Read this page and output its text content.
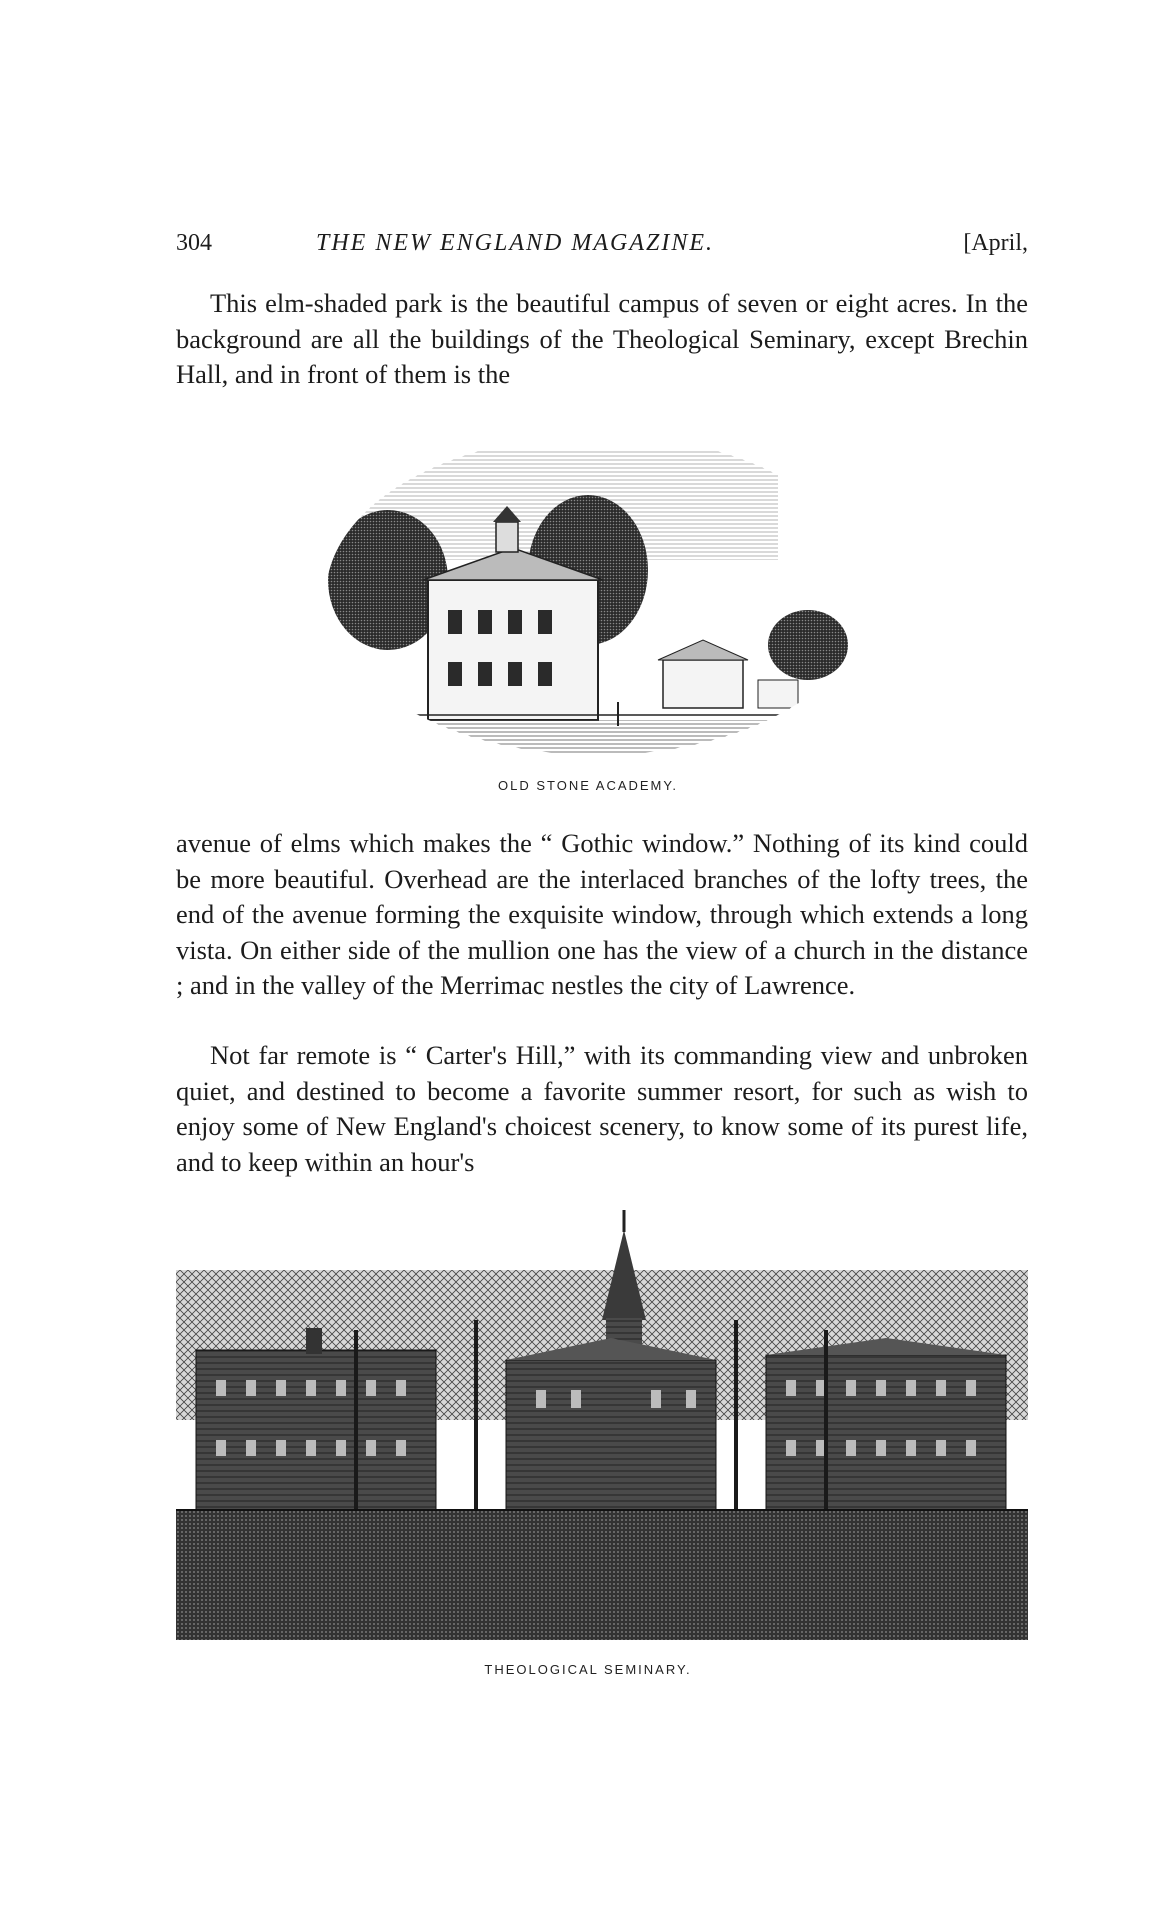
304	THE NEW ENGLAND MAGAZINE.	[April,

This elm-shaded park is the beautiful campus of seven or eight acres. In the background are all the buildings of the Theological Seminary, except Brechin Hall, and in front of them is the

OLD STONE ACADEMY.

avenue of elms which makes the “ Gothic window.” Nothing of its kind could be more beautiful. Overhead are the interlaced branches of the lofty trees, the end of the avenue forming the exquisite window, through which extends a long vista. On either side of the mullion one has the view of a church in the distance ; and in the valley of the Merrimac nestles the city of Lawrence.

Not far remote is “ Carter's Hill,” with its commanding view and unbroken quiet, and destined to become a favorite summer resort, for such as wish to enjoy some of New England's choicest scenery, to know some of its purest life, and to keep within an hour's

THEOLOGICAL SEMINARY.
